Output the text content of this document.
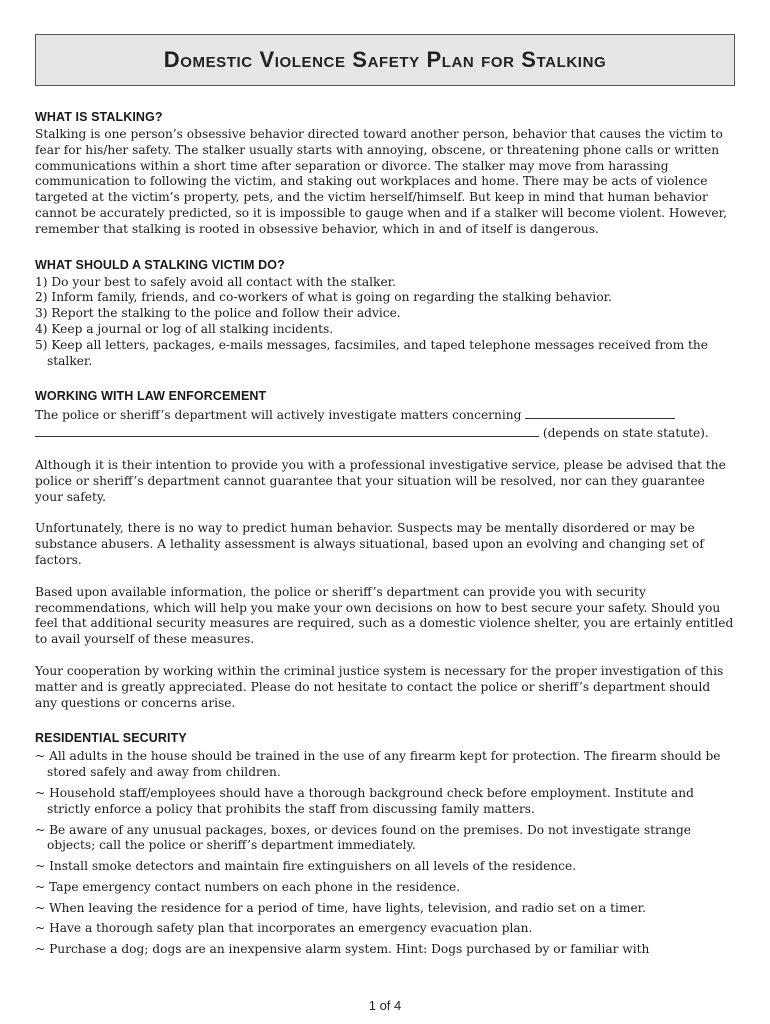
Domestic Violence Safety Plan for Stalking
WHAT IS STALKING?

Stalking is one person’s obsessive behavior directed toward another person, behavior that causes the victim to fear for his/her safety. The stalker usually starts with annoying, obscene, or threatening phone calls or written communications within a short time after separation or divorce. The stalker may move from harassing communication to following the victim, and staking out workplaces and home. There may be acts of violence targeted at the victim’s property, pets, and the victim herself/himself. But keep in mind that human behavior cannot be accurately predicted, so it is impossible to gauge when and if a stalker will become violent. However, remember that stalking is rooted in obsessive behavior, which in and of itself is dangerous.

WHAT SHOULD A STALKING VICTIM DO?
1) Do your best to safely avoid all contact with the stalker.
2) Inform family, friends, and co-workers of what is going on regarding the stalking behavior.
3) Report the stalking to the police and follow their advice.
4) Keep a journal or log of all stalking incidents.
5) Keep all letters, packages, e-mails messages, facsimiles, and taped telephone messages received from the stalker.
WORKING WITH LAW ENFORCEMENT

The police or sheriff’s department will actively investigate matters concerning
(depends on state statute).

Although it is their intention to provide you with a professional investigative service, please be advised that the police or sheriff’s department cannot guarantee that your situation will be resolved, nor can they guarantee your safety.

Unfortunately, there is no way to predict human behavior. Suspects may be mentally disordered or may be substance abusers. A lethality assessment is always situational, based upon an evolving and changing set of factors.

Based upon available information, the police or sheriff’s department can provide you with security recommendations, which will help you make your own decisions on how to best secure your safety. Should you feel that additional security measures are required, such as a domestic violence shelter, you are ertainly entitled to avail yourself of these measures.

Your cooperation by working within the criminal justice system is necessary for the proper investigation of this matter and is greatly appreciated. Please do not hesitate to contact the police or sheriff’s department should any questions or concerns arise.

RESIDENTIAL SECURITY
~ All adults in the house should be trained in the use of any firearm kept for protection. The firearm should be stored safely and away from children.
~ Household staff/employees should have a thorough background check before employment. Institute and strictly enforce a policy that prohibits the staff from discussing family matters.
~ Be aware of any unusual packages, boxes, or devices found on the premises. Do not investigate strange objects; call the police or sheriff’s department immediately.
~ Install smoke detectors and maintain fire extinguishers on all levels of the residence.
~ Tape emergency contact numbers on each phone in the residence.
~ When leaving the residence for a period of time, have lights, television, and radio set on a timer.
~ Have a thorough safety plan that incorporates an emergency evacuation plan.
~ Purchase a dog; dogs are an inexpensive alarm system. Hint: Dogs purchased by or familiar with
1 of 4
